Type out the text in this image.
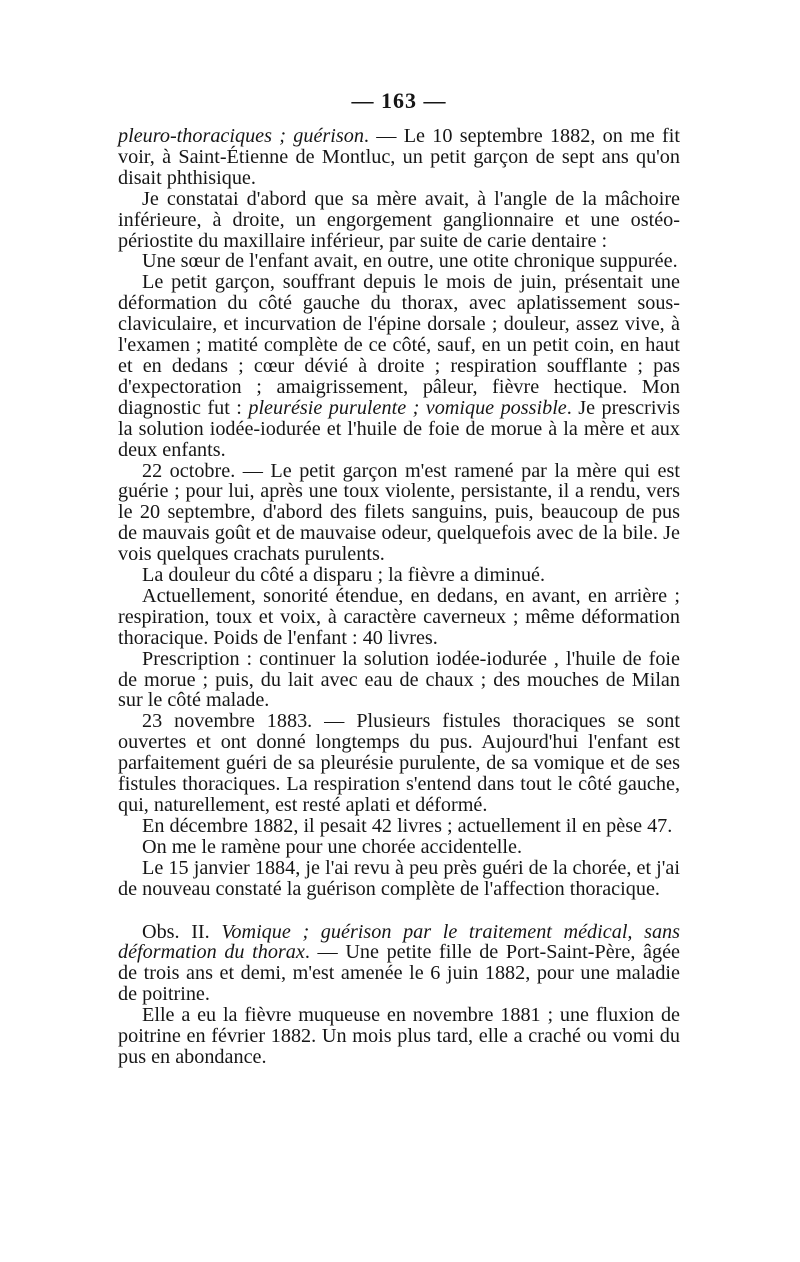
— 163 —

pleuro-thoraciques ; guérison. — Le 10 septembre 1882, on me fit voir, à Saint-Étienne de Montluc, un petit garçon de sept ans qu'on disait phthisique.

Je constatai d'abord que sa mère avait, à l'angle de la mâchoire inférieure, à droite, un engorgement ganglionnaire et une ostéo-périostite du maxillaire inférieur, par suite de carie dentaire :

Une sœur de l'enfant avait, en outre, une otite chronique suppurée.

Le petit garçon, souffrant depuis le mois de juin, présentait une déformation du côté gauche du thorax, avec aplatissement sous-claviculaire, et incurvation de l'épine dorsale ; douleur, assez vive, à l'examen ; matité complète de ce côté, sauf, en un petit coin, en haut et en dedans ; cœur dévié à droite ; respiration soufflante ; pas d'expectoration ; amaigrissement, pâleur, fièvre hectique. Mon diagnostic fut : pleurésie purulente ; vomique possible. Je prescrivis la solution iodée-iodurée et l'huile de foie de morue à la mère et aux deux enfants.

22 octobre. — Le petit garçon m'est ramené par la mère qui est guérie ; pour lui, après une toux violente, persistante, il a rendu, vers le 20 septembre, d'abord des filets sanguins, puis, beaucoup de pus de mauvais goût et de mauvaise odeur, quelquefois avec de la bile. Je vois quelques crachats purulents.

La douleur du côté a disparu ; la fièvre a diminué.

Actuellement, sonorité étendue, en dedans, en avant, en arrière ; respiration, toux et voix, à caractère caverneux ; même déformation thoracique. Poids de l'enfant : 40 livres.

Prescription : continuer la solution iodée-iodurée , l'huile de foie de morue ; puis, du lait avec eau de chaux ; des mouches de Milan sur le côté malade.

23 novembre 1883. — Plusieurs fistules thoraciques se sont ouvertes et ont donné longtemps du pus. Aujourd'hui l'enfant est parfaitement guéri de sa pleurésie purulente, de sa vomique et de ses fistules thoraciques. La respiration s'entend dans tout le côté gauche, qui, naturellement, est resté aplati et déformé.

En décembre 1882, il pesait 42 livres ; actuellement il en pèse 47.

On me le ramène pour une chorée accidentelle.

Le 15 janvier 1884, je l'ai revu à peu près guéri de la chorée, et j'ai de nouveau constaté la guérison complète de l'affection thoracique.

Obs. II. Vomique ; guérison par le traitement médical, sans déformation du thorax. — Une petite fille de Port-Saint-Père, âgée de trois ans et demi, m'est amenée le 6 juin 1882, pour une maladie de poitrine.

Elle a eu la fièvre muqueuse en novembre 1881 ; une fluxion de poitrine en février 1882. Un mois plus tard, elle a craché ou vomi du pus en abondance.
